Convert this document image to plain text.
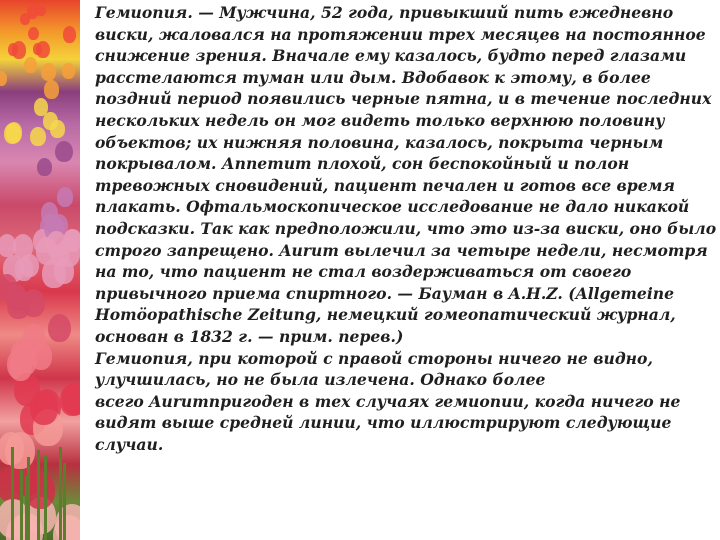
Гемиопия. — Мужчина, 52 года, привыкший пить ежедневно
виски, жаловался на протяжении трех месяцев на постоянное
снижение зрения. Вначале ему казалось, будто перед глазами
расстелаются туман или дым. Вдобавок к этому, в более
поздний период появились черные пятна, и в течение последних
нескольких недель он мог видеть только верхнюю половину
объектов; их нижняя половина, казалось, покрыта черным
покрывалом. Аппетит плохой, сон беспокойный и полон
тревожных сновидений, пациент печален и готов все время
плакать. Офтальмоскопическое исследование не дало никакой
подсказки. Так как предположили, что это из-за виски, оно было
строго запрещено. Aurum вылечил за четыре недели, несмотря
на то, что пациент не стал воздерживаться от своего
привычного приема спиртного. — Бауман в A.H.Z. (Allgemeine
Homöopathische Zeitung, немецкий гомеопатический журнал,
основан в 1832 г. — прим. перев.)
Гемиопия, при которой с правой стороны ничего не видно,
улучшилась, но не была излечена. Однако более
всего Aurumпригоден в тех случаях гемиопии, когда ничего не
видят выше средней линии, что иллюстрируют следующие
случаи.
